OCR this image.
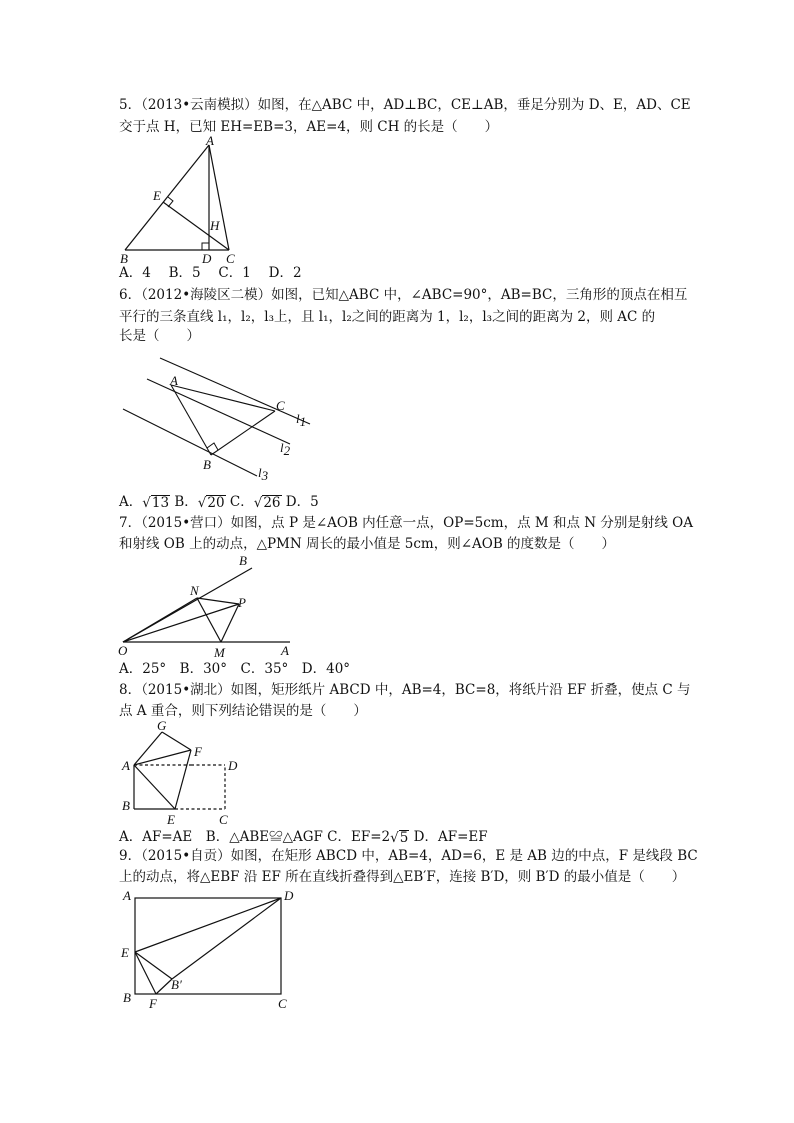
5．（2013•云南模拟）如图，在△ABC 中，AD⊥BC，CE⊥AB，垂足分别为 D、E，AD、CE
交于点 H，已知 EH=EB=3，AE=4，则 CH 的长是（　　）
A
E
H
B	D C
A．4　 B．5　 C．1　 D．2
6．（2012•海陵区二模）如图，已知△ABC 中，∠ABC=90°，AB=BC，三角形的顶点在相互
平行的三条直线 l₁，l₂，l₃上，且 l₁，l₂之间的距离为 1，l₂，l₃之间的距离为 2，则 AC 的
长是（　　）
A
C
B
l1
l2
l3
A．√13 B．√20 C．√26 D．5
7．（2015•营口）如图，点 P 是∠AOB 内任意一点，OP=5cm，点 M 和点 N 分别是射线 OA
和射线 OB 上的动点，△PMN 周长的最小值是 5cm，则∠AOB 的度数是（　　）
B
N
P
O	M	A
A．25°　B．30°　C．35°　D．40°
8．（2015•湖北）如图，矩形纸片 ABCD 中，AB=4，BC=8，将纸片沿 EF 折叠，使点 C 与
点 A 重合，则下列结论错误的是（　　）
G
F
A	D
B
E	C
A．AF=AE　B．△ABE≌△AGF C．EF=2√5 D．AF=EF
9．（2015•自贡）如图，在矩形 ABCD 中，AB=4，AD=6，E 是 AB 边的中点，F 是线段 BC
上的动点，将△EBF 沿 EF 所在直线折叠得到△EB′F，连接 B′D，则 B′D 的最小值是（　　）
A	D
E
B′
B F	C
